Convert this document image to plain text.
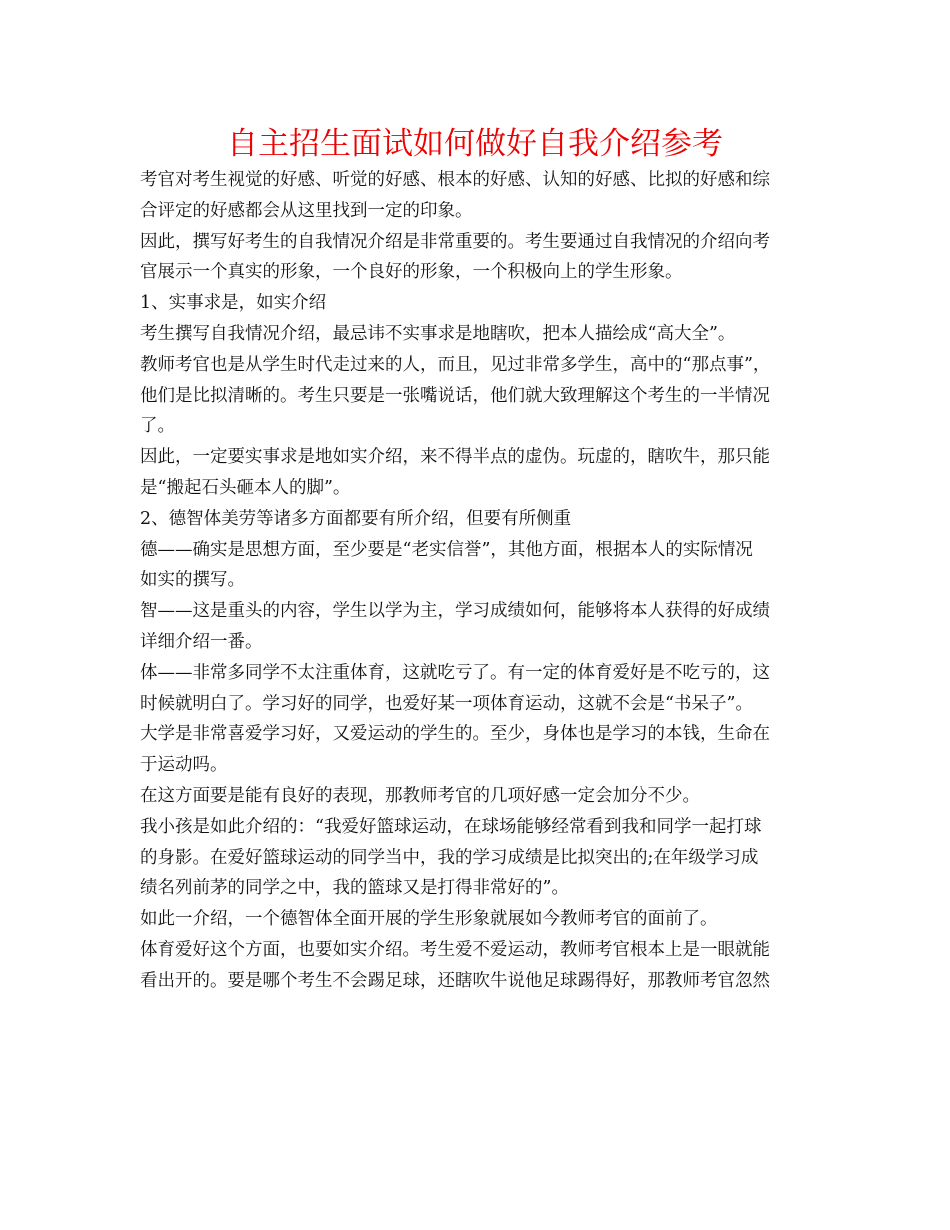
自主招生面试如何做好自我介绍参考
考官对考生视觉的好感、听觉的好感、根本的好感、认知的好感、比拟的好感和综
合评定的好感都会从这里找到一定的印象。
因此，撰写好考生的自我情况介绍是非常重要的。考生要通过自我情况的介绍向考
官展示一个真实的形象，一个良好的形象，一个积极向上的学生形象。
1、实事求是，如实介绍
考生撰写自我情况介绍，最忌讳不实事求是地瞎吹，把本人描绘成“高大全”。
教师考官也是从学生时代走过来的人，而且，见过非常多学生，高中的“那点事”，
他们是比拟清晰的。考生只要是一张嘴说话，他们就大致理解这个考生的一半情况
了。
因此，一定要实事求是地如实介绍，来不得半点的虚伪。玩虚的，瞎吹牛，那只能
是“搬起石头砸本人的脚”。
2、德智体美劳等诸多方面都要有所介绍，但要有所侧重
德——确实是思想方面，至少要是“老实信誉”，其他方面，根据本人的实际情况
如实的撰写。
智——这是重头的内容，学生以学为主，学习成绩如何，能够将本人获得的好成绩
详细介绍一番。
体——非常多同学不太注重体育，这就吃亏了。有一定的体育爱好是不吃亏的，这
时候就明白了。学习好的同学，也爱好某一项体育运动，这就不会是“书呆子”。
大学是非常喜爱学习好，又爱运动的学生的。至少，身体也是学习的本钱，生命在
于运动吗。
在这方面要是能有良好的表现，那教师考官的几项好感一定会加分不少。
我小孩是如此介绍的：“我爱好篮球运动，在球场能够经常看到我和同学一起打球
的身影。在爱好篮球运动的同学当中，我的学习成绩是比拟突出的;在年级学习成
绩名列前茅的同学之中，我的篮球又是打得非常好的”。
如此一介绍，一个德智体全面开展的学生形象就展如今教师考官的面前了。
体育爱好这个方面，也要如实介绍。考生爱不爱运动，教师考官根本上是一眼就能
看出开的。要是哪个考生不会踢足球，还瞎吹牛说他足球踢得好，那教师考官忽然
